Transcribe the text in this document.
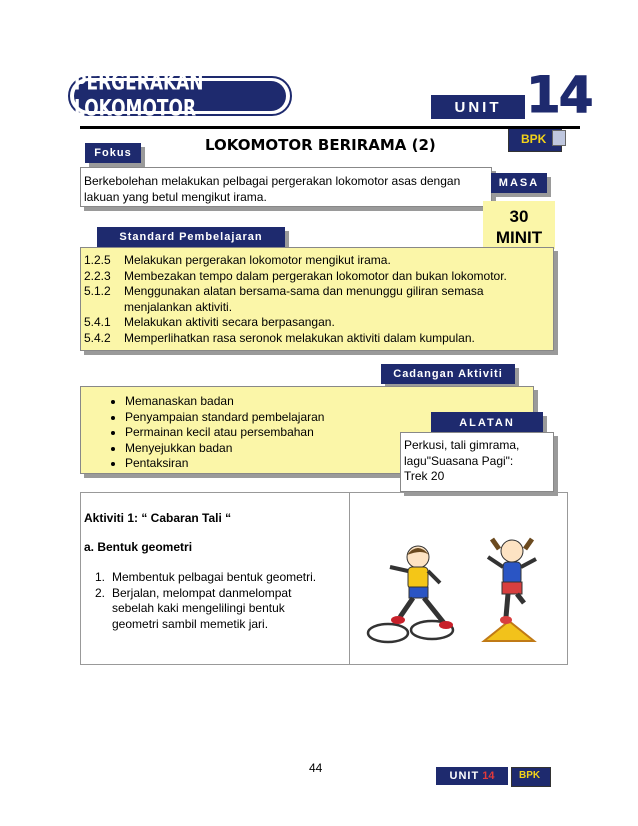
PERGERAKAN LOKOMOTOR	UNIT 14
BPK
LOKOMOTOR BERIRAMA (2)
Fokus
Berkebolehan melakukan pelbagai pergerakan lokomotor asas dengan lakuan yang betul mengikut irama.
MASA
30
MINIT
Standard Pembelajaran
1.2.5	Melakukan pergerakan lokomotor mengikut irama.
2.2.3	Membezakan tempo dalam pergerakan lokomotor dan bukan lokomotor.
5.1.2	Menggunakan alatan bersama-sama dan menunggu giliran semasa menjalankan aktiviti.
5.4.1	Melakukan aktiviti secara berpasangan.
5.4.2	Memperlihatkan rasa seronok melakukan aktiviti dalam kumpulan.
Cadangan Aktiviti
• Memanaskan badan
• Penyampaian standard pembelajaran
• Permainan kecil atau persembahan
• Menyejukkan badan
• Pentaksiran
ALATAN
Perkusi, tali gimrama,
lagu"Suasana Pagi":
Trek 20
Aktiviti 1: “ Cabaran Tali “
a. Bentuk geometri
1. Membentuk pelbagai bentuk geometri.
2. Berjalan, melompat danmelompat sebelah kaki mengelilingi bentuk geometri sambil memetik jari.
44
UNIT 14 BPK
